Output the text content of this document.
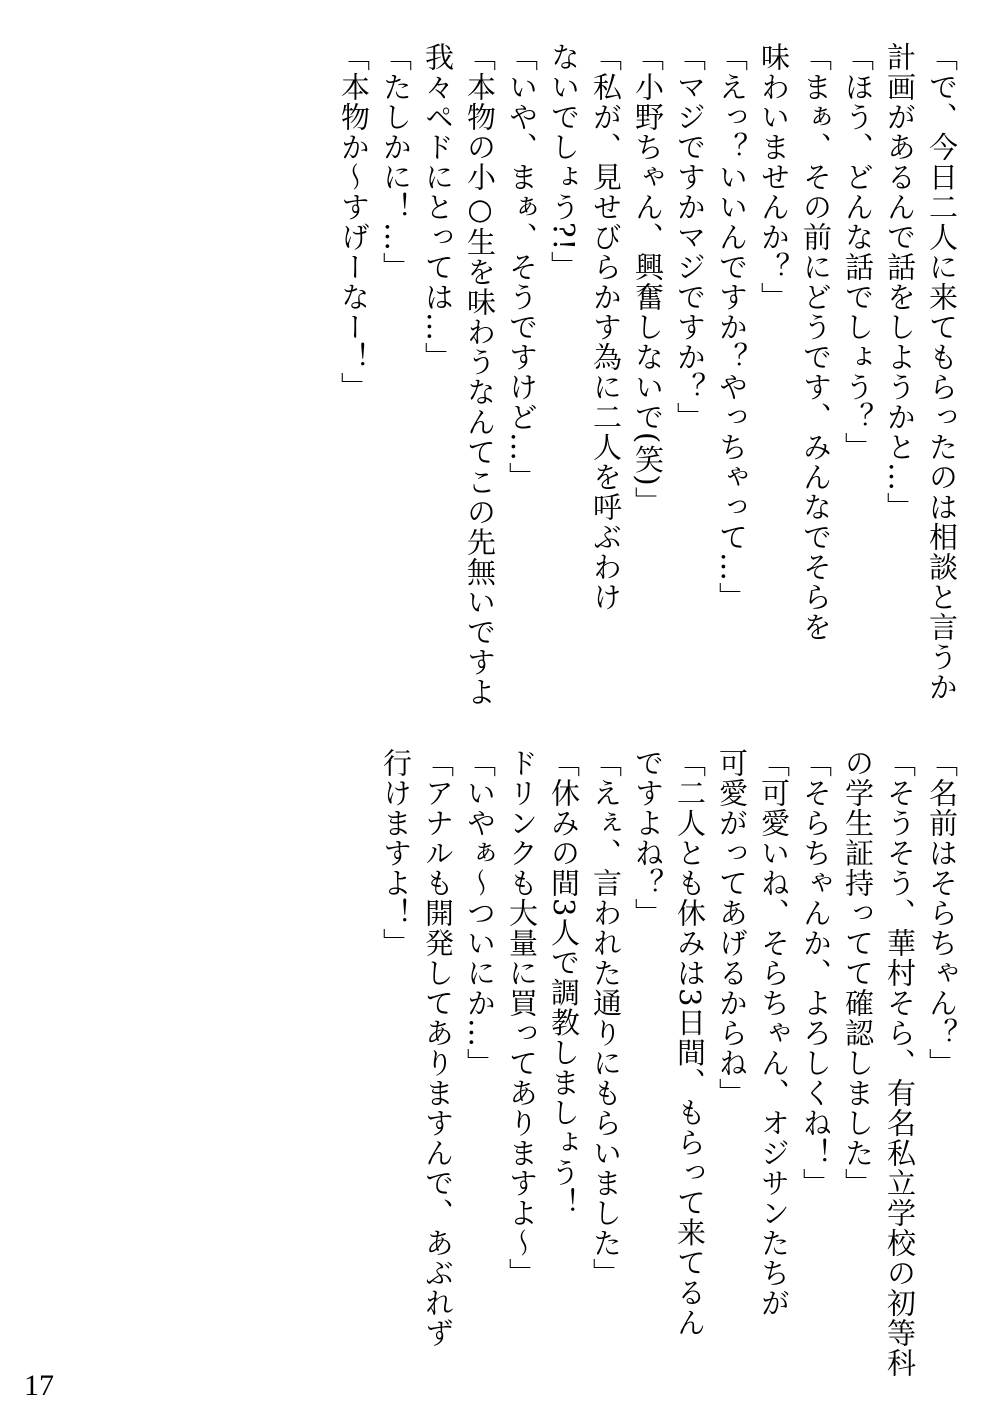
「で、今日二人に来てもらったのは相談と言うか
計画があるんで話をしようかと…」
「ほう、どんな話でしょう？」
「まぁ、その前にどうです、みんなでそらを
味わいませんか？」
「えっ？いいんですか？やっちゃって…」
「マジですかマジですか？」
「小野ちゃん、興奮しないで(笑)」
「私が、見せびらかす為に二人を呼ぶわけ
ないでしょう?!」
「いや、まぁ、そうですけど…」
「本物の小○生を味わうなんてこの先無いですよ
我々ペドにとっては…」
「たしかに！…」
「本物か～すげーなー！」
「名前はそらちゃん？」
「そうそう、華村そら、有名私立学校の初等科
の学生証持ってて確認しました」
「そらちゃんか、よろしくね！」
「可愛いね、そらちゃん、オジサンたちが
可愛がってあげるからね」
「二人とも休みは3日間、もらって来てるん
ですよね？」
「えぇ、言われた通りにもらいました」
「休みの間3人で調教しましょう！
ドリンクも大量に買ってありますよ～」
「いやぁ～ついにか…」
「アナルも開発してありますんで、あぶれず
行けますよ！」
17
